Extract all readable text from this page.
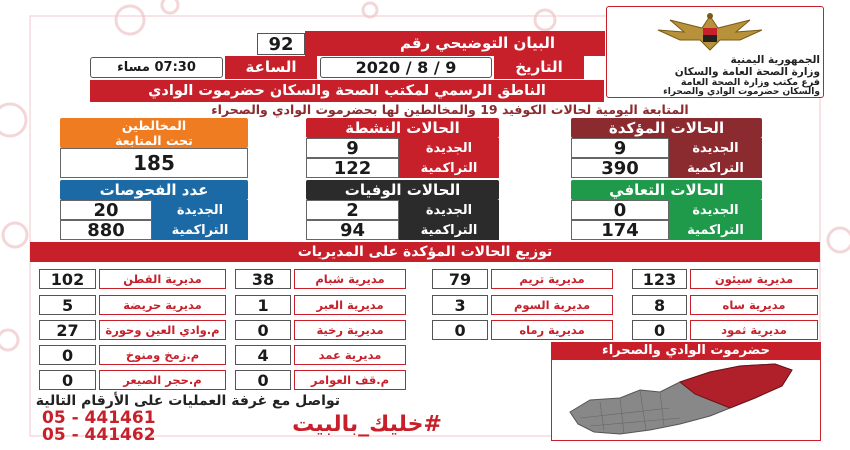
الجمهورية اليمنية
وزارة الصحة العامة والسكان
فرع مكتب وزارة الصحة العامة
والسكان حضرموت الوادي والصحراء
92	البيان التوضيحي رقم
التاريخ
2020 / 8 / 9
الساعة
07:30 مساء
الناطق الرسمي لمكتب الصحة والسكان حضرموت الوادي
المتابعة اليومية لحالات الكوفيد 19 والمخالطين لها بحضرموت الوادي والصحراء
الحالات المؤكدة
الجديدة
9
التراكمية
390
الحالات النشطة
الجديدة
9
التراكمية
122
المخالطين
تحت المتابعة
185
الحالات التعافي
الجديدة
0
التراكمية
174
الحالات الوفيات
الجديدة
2
التراكمية
94
عدد الفحوصات
الجديدة
20
التراكمية
880
توزيع الحالات المؤكدة على المديريات
مديرية سيئون
123
مديرية ساه
8
مديرية ثمود
0
مديرية تريم
79
مديرية السوم
3
مديرية رماه
0
مديرية شبام
38
مديرية العبر
1
مديرية رخية
0
مديرية عمد
4
م.قف العوامر
0
مديرية القطن
102
مديرية حريضة
5
م.وادي العين وحورة
27
م.زمخ ومنوخ
0
م.حجر الصيعر
0
حضرموت الوادي والصحراء
تواصل مع غرفة العمليات على الأرقام التالية
05 - 441461
05 - 441462	#خليك_بالبيت
